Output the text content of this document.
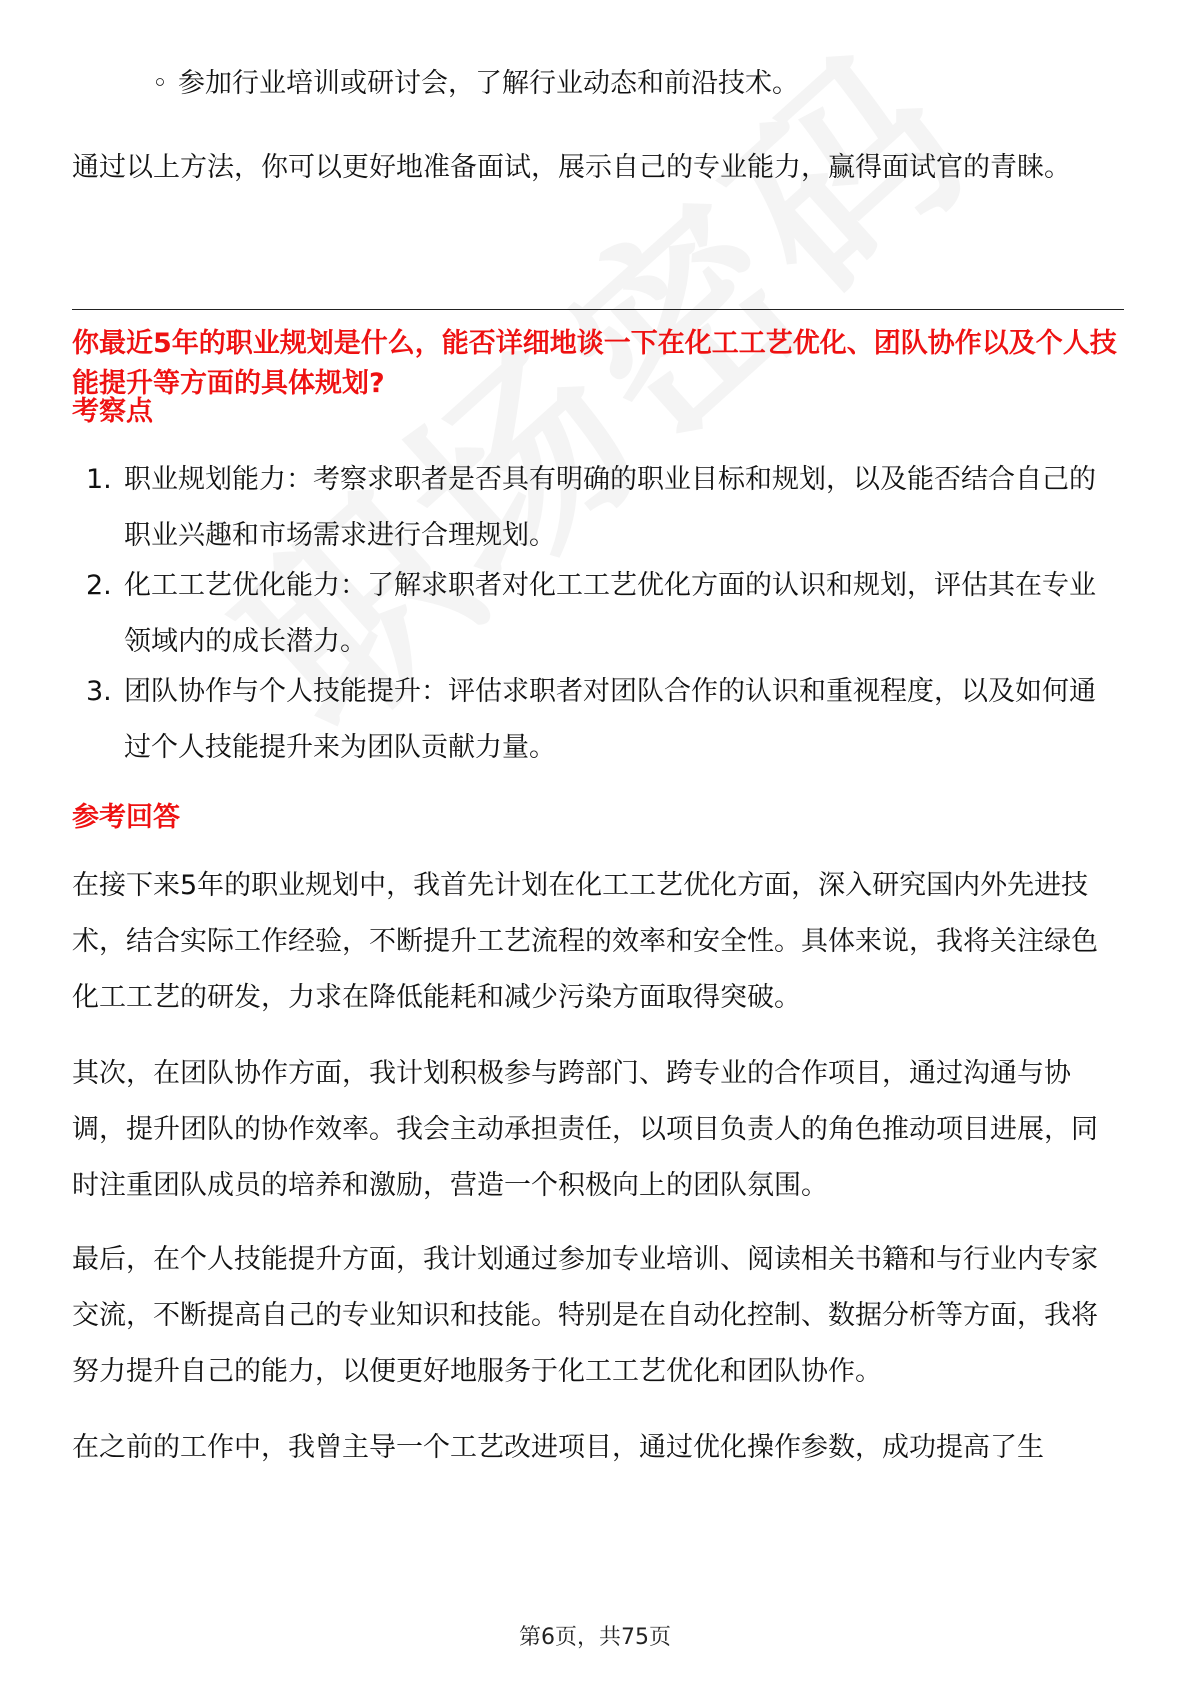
◦ 参加行业培训或研讨会，了解行业动态和前沿技术。

通过以上方法，你可以更好地准备面试，展示自己的专业能力，赢得面试官的青睐。

你最近5年的职业规划是什么，能否详细地谈一下在化工工艺优化、团队协作以及个人技能提升等方面的具体规划?

考察点

1. 职业规划能力：考察求职者是否具有明确的职业目标和规划，以及能否结合自己的职业兴趣和市场需求进行合理规划。

2. 化工工艺优化能力：了解求职者对化工工艺优化方面的认识和规划，评估其在专业领域内的成长潜力。

3. 团队协作与个人技能提升：评估求职者对团队合作的认识和重视程度，以及如何通过个人技能提升来为团队贡献力量。

参考回答

在接下来5年的职业规划中，我首先计划在化工工艺优化方面，深入研究国内外先进技术，结合实际工作经验，不断提升工艺流程的效率和安全性。具体来说，我将关注绿色化工工艺的研发，力求在降低能耗和减少污染方面取得突破。

其次，在团队协作方面，我计划积极参与跨部门、跨专业的合作项目，通过沟通与协调，提升团队的协作效率。我会主动承担责任，以项目负责人的角色推动项目进展，同时注重团队成员的培养和激励，营造一个积极向上的团队氛围。

最后，在个人技能提升方面，我计划通过参加专业培训、阅读相关书籍和与行业内专家交流，不断提高自己的专业知识和技能。特别是在自动化控制、数据分析等方面，我将努力提升自己的能力，以便更好地服务于化工工艺优化和团队协作。

在之前的工作中，我曾主导一个工艺改进项目，通过优化操作参数，成功提高了生

第6页，共75页
